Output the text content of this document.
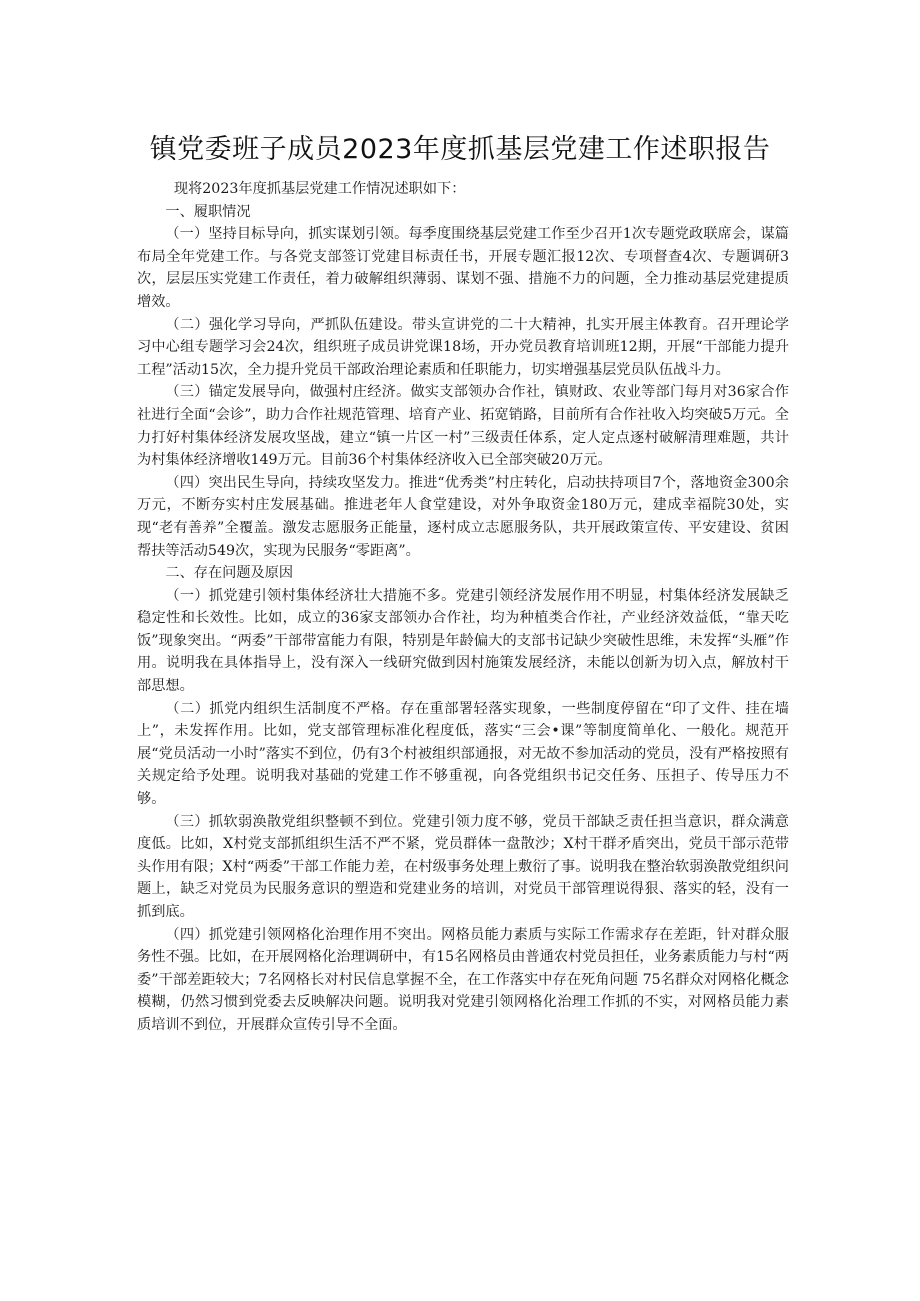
镇党委班子成员2023年度抓基层党建工作述职报告

现将2023年度抓基层党建工作情况述职如下：

一、履职情况

（一）坚持目标导向，抓实谋划引领。每季度围绕基层党建工作至少召开1次专题党政联席会，谋篇布局全年党建工作。与各党支部签订党建目标责任书，开展专题汇报12次、专项督查4次、专题调研3次，层层压实党建工作责任，着力破解组织薄弱、谋划不强、措施不力的问题，全力推动基层党建提质增效。

（二）强化学习导向，严抓队伍建设。带头宣讲党的二十大精神，扎实开展主体教育。召开理论学习中心组专题学习会24次，组织班子成员讲党课18场，开办党员教育培训班12期，开展“干部能力提升工程”活动15次，全力提升党员干部政治理论素质和任职能力，切实增强基层党员队伍战斗力。

（三）锚定发展导向，做强村庄经济。做实支部领办合作社，镇财政、农业等部门每月对36家合作社进行全面“会诊”，助力合作社规范管理、培育产业、拓宽销路，目前所有合作社收入均突破5万元。全力打好村集体经济发展攻坚战，建立“镇一片区一村”三级责任体系，定人定点逐村破解清理难题，共计为村集体经济增收149万元。目前36个村集体经济收入已全部突破20万元。

（四）突出民生导向，持续攻坚发力。推进“优秀类”村庄转化，启动扶持项目7个，落地资金300余万元，不断夯实村庄发展基础。推进老年人食堂建设，对外争取资金180万元，建成幸福院30处，实现“老有善养”全覆盖。激发志愿服务正能量，逐村成立志愿服务队，共开展政策宣传、平安建设、贫困帮扶等活动549次，实现为民服务“零距离”。

二、存在问题及原因

（一）抓党建引领村集体经济壮大措施不多。党建引领经济发展作用不明显，村集体经济发展缺乏稳定性和长效性。比如，成立的36家支部领办合作社，均为种植类合作社，产业经济效益低，“靠天吃饭”现象突出。“两委”干部带富能力有限，特别是年龄偏大的支部书记缺少突破性思维，未发挥“头雁”作用。说明我在具体指导上，没有深入一线研究做到因村施策发展经济，未能以创新为切入点，解放村干部思想。

（二）抓党内组织生活制度不严格。存在重部署轻落实现象，一些制度停留在“印了文件、挂在墙上”，未发挥作用。比如，党支部管理标准化程度低，落实“三会•课”等制度简单化、一般化。规范开展“党员活动一小时”落实不到位，仍有3个村被组织部通报，对无故不参加活动的党员，没有严格按照有关规定给予处理。说明我对基础的党建工作不够重视，向各党组织书记交任务、压担子、传导压力不够。

（三）抓软弱涣散党组织整顿不到位。党建引领力度不够，党员干部缺乏责任担当意识，群众满意度低。比如，X村党支部抓组织生活不严不紧，党员群体一盘散沙；X村干群矛盾突出，党员干部示范带头作用有限；X村“两委”干部工作能力差，在村级事务处理上敷衍了事。说明我在整治软弱涣散党组织问题上，缺乏对党员为民服务意识的塑造和党建业务的培训，对党员干部管理说得狠、落实的轻，没有一抓到底。

（四）抓党建引领网格化治理作用不突出。网格员能力素质与实际工作需求存在差距，针对群众服务性不强。比如，在开展网格化治理调研中，有15名网格员由普通农村党员担任，业务素质能力与村“两委”干部差距较大；7名网格长对村民信息掌握不全，在工作落实中存在死角问题 75名群众对网格化概念模糊，仍然习惯到党委去反映解决问题。说明我对党建引领网格化治理工作抓的不实，对网格员能力素质培训不到位，开展群众宣传引导不全面。
